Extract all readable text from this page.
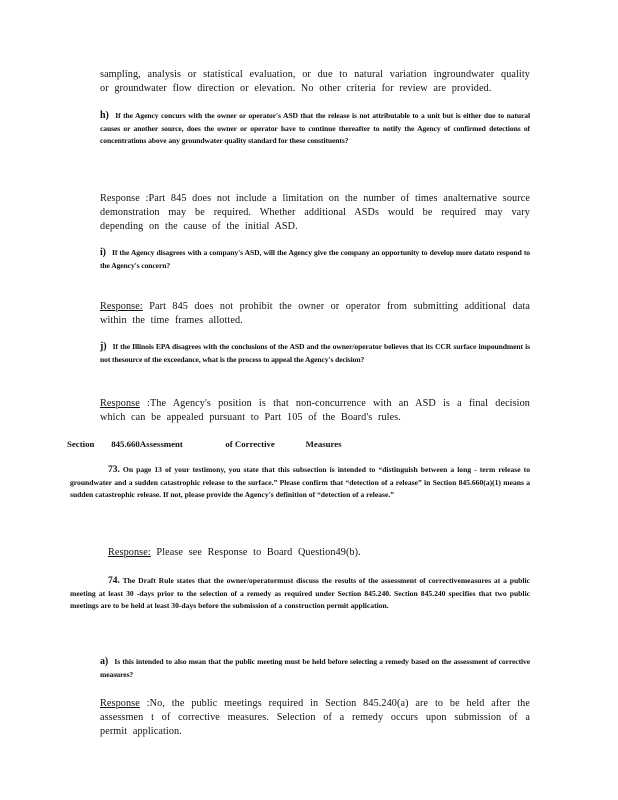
sampling, analysis or statistical evaluation, or due to natural variation ingroundwater quality or groundwater flow direction or elevation. No other criteria for review are provided.

h) If the Agency concurs with the owner or operator's ASD that the release is not attributable to a unit but is either due to natural causes or another source, does the owner or operator have to continue thereafter to notify the Agency of confirmed detections of concentrations above any groundwater quality standard for these constituents?

Response :Part 845 does not include a limitation on the number of times analternative source demonstration may be required. Whether additional ASDs would be required may vary depending on the cause of the initial ASD.

i) If the Agency disagrees with a company's ASD, will the Agency give the company an opportunity to develop more datato respond to the Agency's concern?

Response: Part 845 does not prohibit the owner or operator from submitting additional data within the time frames allotted.

j) If the Illinois EPA disagrees with the conclusions of the ASD and the owner/operator believes that its CCR surface impoundment is not thesource of the exceedance, what is the process to appeal the Agency's decision?

Response :The Agency's position is that non-concurrence with an ASD is a final decision which can be appealed pursuant to Part 105 of the Board's rules.

Section 845.660Assessment	of Corrective	Measures

73. On page 13 of your testimony, you state that this subsection is intended to “distinguish between a long - term release to groundwater and a sudden catastrophic release to the surface.” Please confirm that “detection of a release” in Section 845.660(a)(1) means a sudden catastrophic release. If not, please provide the Agency's definition of “detection of a release.”

Response: Please see Response to Board Question49(b).

74. The Draft Rule states that the owner/operatormust discuss the results of the assessment of correctivemeasures at a public meeting at least 30 -days prior to the selection of a remedy as required under Section 845.240. Section 845.240 specifies that two public meetings are to be held at least 30-days before the submission of a construction permit application.

a) Is this intended to also mean that the public meeting must be held before selecting a remedy based on the assessment of corrective measures?

Response :No, the public meetings required in Section 845.240(a) are to be held after the assessmen t of corrective measures. Selection of a remedy occurs upon submission of a permit application.
